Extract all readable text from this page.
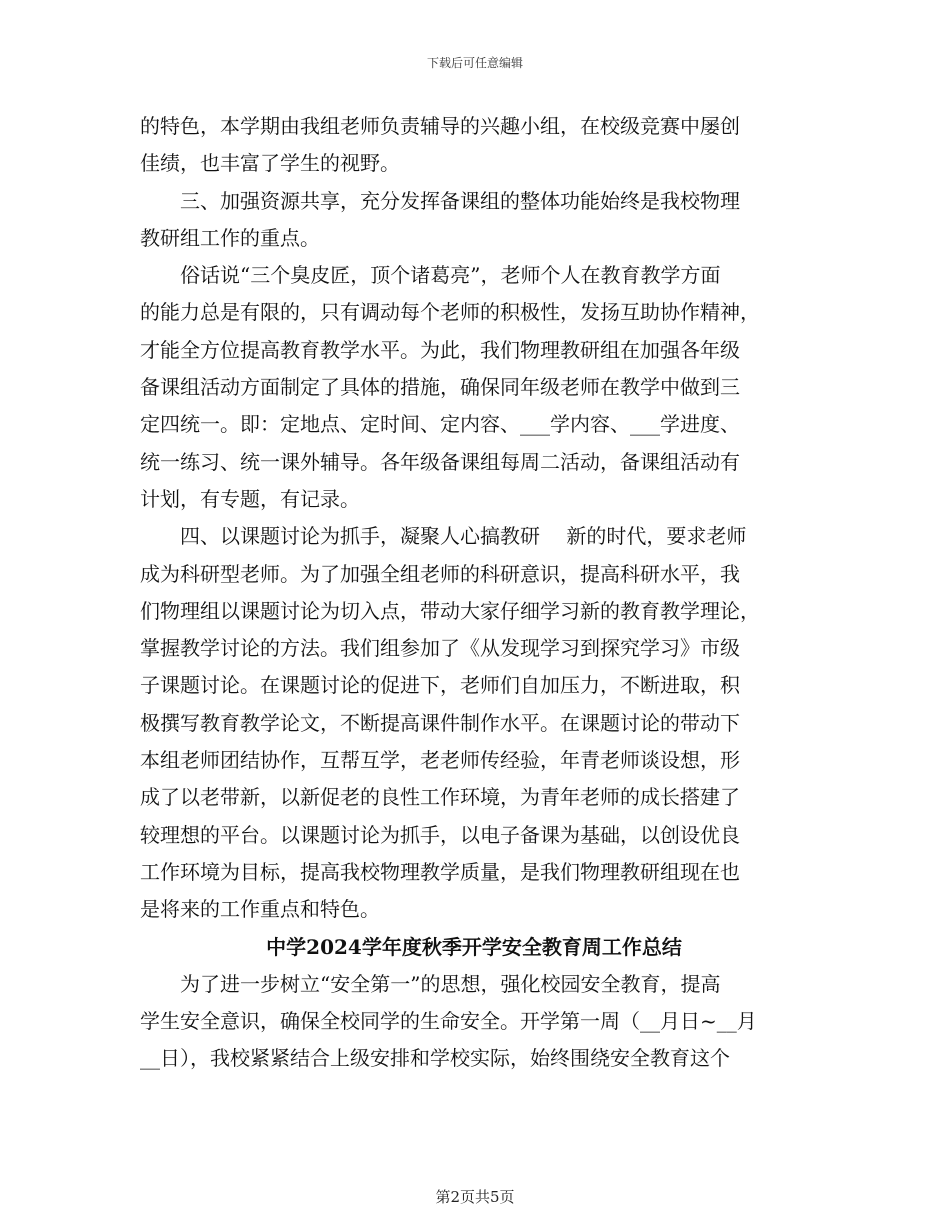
下载后可任意编辑
的特色，本学期由我组老师负责辅导的兴趣小组，在校级竞赛中屡创
佳绩，也丰富了学生的视野。
　　三、加强资源共享，充分发挥备课组的整体功能始终是我校物理
教研组工作的重点。
　　俗话说“三个臭皮匠，顶个诸葛亮”，老师个人在教育教学方面
的能力总是有限的，只有调动每个老师的积极性，发扬互助协作精神，
才能全方位提高教育教学水平。为此，我们物理教研组在加强各年级
备课组活动方面制定了具体的措施，确保同年级老师在教学中做到三
定四统一。即：定地点、定时间、定内容、___学内容、___学进度、
统一练习、统一课外辅导。各年级备课组每周二活动，备课组活动有
计划，有专题，有记录。
　　四、以课题讨论为抓手，凝聚人心搞教研　 新的时代，要求老师
成为科研型老师。为了加强全组老师的科研意识，提高科研水平，我
们物理组以课题讨论为切入点，带动大家仔细学习新的教育教学理论，
掌握教学讨论的方法。我们组参加了《从发现学习到探究学习》市级
子课题讨论。在课题讨论的促进下，老师们自加压力，不断进取，积
极撰写教育教学论文，不断提高课件制作水平。在课题讨论的带动下
本组老师团结协作，互帮互学，老老师传经验，年青老师谈设想，形
成了以老带新，以新促老的良性工作环境，为青年老师的成长搭建了
较理想的平台。以课题讨论为抓手，以电子备课为基础，以创设优良
工作环境为目标，提高我校物理教学质量，是我们物理教研组现在也
是将来的工作重点和特色。
中学2024学年度秋季开学安全教育周工作总结
　　为了进一步树立“安全第一”的思想，强化校园安全教育，提高
学生安全意识，确保全校同学的生命安全。开学第一周（__月日~__月
__日），我校紧紧结合上级安排和学校实际，始终围绕安全教育这个
第2页共5页
